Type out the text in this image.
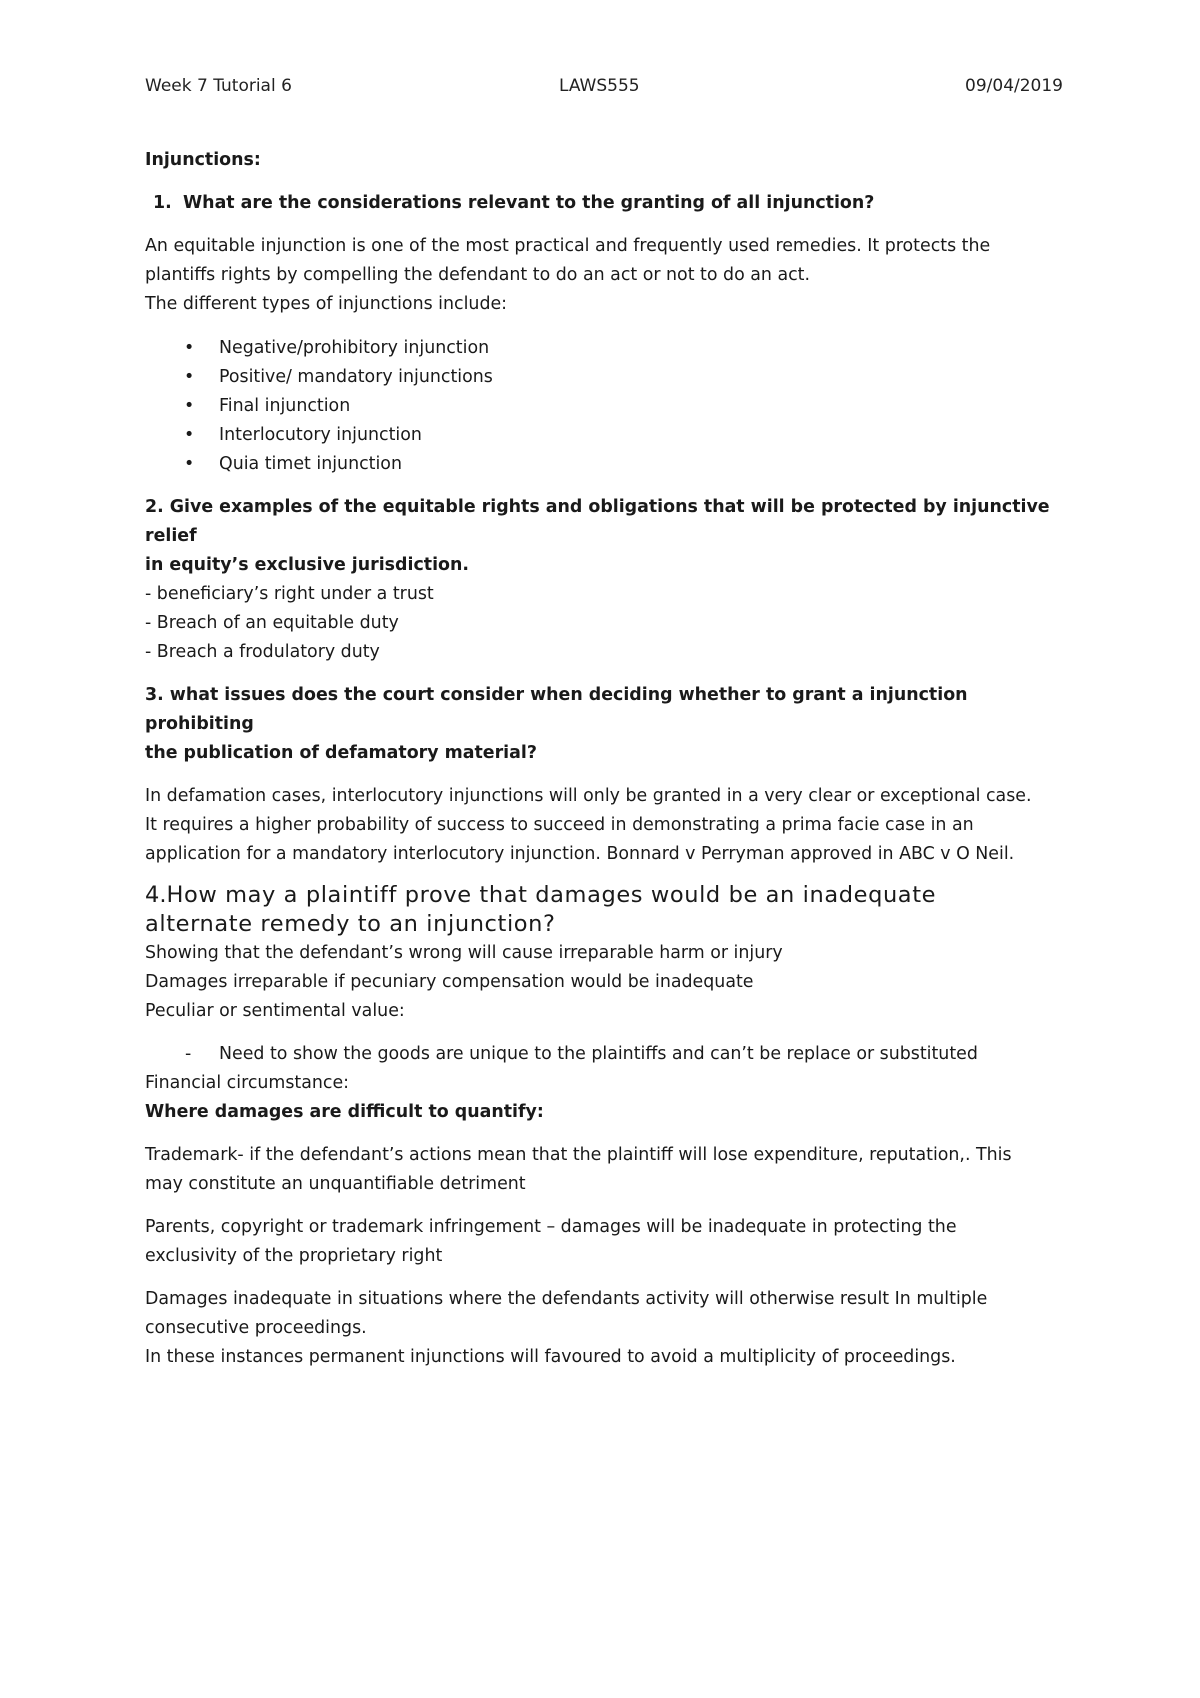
Week 7 Tutorial 6	LAWS555	09/04/2019

Injunctions:

1. What are the considerations relevant to the granting of all injunction?
An equitable injunction is one of the most practical and frequently used remedies. It protects the
plantiffs rights by compelling the defendant to do an act or not to do an act.

The different types of injunctions include:

• Negative/prohibitory injunction
• Positive/ mandatory injunctions
• Final injunction
• Interlocutory injunction
• Quia timet injunction
2. Give examples of the equitable rights and obligations that will be protected by injunctive relief
in equity’s exclusive jurisdiction.

- beneficiary’s right under a trust

- Breach of an equitable duty

- Breach a frodulatory duty

3. what issues does the court consider when deciding whether to grant a injunction prohibiting
the publication of defamatory material?
In defamation cases, interlocutory injunctions will only be granted in a very clear or exceptional case.
It requires a higher probability of success to succeed in demonstrating a prima facie case in an
application for a mandatory interlocutory injunction. Bonnard v Perryman approved in ABC v O Neil.
4.How may a plaintiff prove that damages would be an inadequate
alternate remedy to an injunction?

Showing that the defendant’s wrong will cause irreparable harm or injury

Damages irreparable if pecuniary compensation would be inadequate

Peculiar or sentimental value:

-	Need to show the goods are unique to the plaintiffs and can’t be replace or substituted

Financial circumstance:

Where damages are difficult to quantify:

Trademark- if the defendant’s actions mean that the plaintiff will lose expenditure, reputation,. This
may constitute an unquantifiable detriment
Parents, copyright or trademark infringement – damages will be inadequate in protecting the
exclusivity of the proprietary right
Damages inadequate in situations where the defendants activity will otherwise result In multiple
consecutive proceedings.

In these instances permanent injunctions will favoured to avoid a multiplicity of proceedings.
